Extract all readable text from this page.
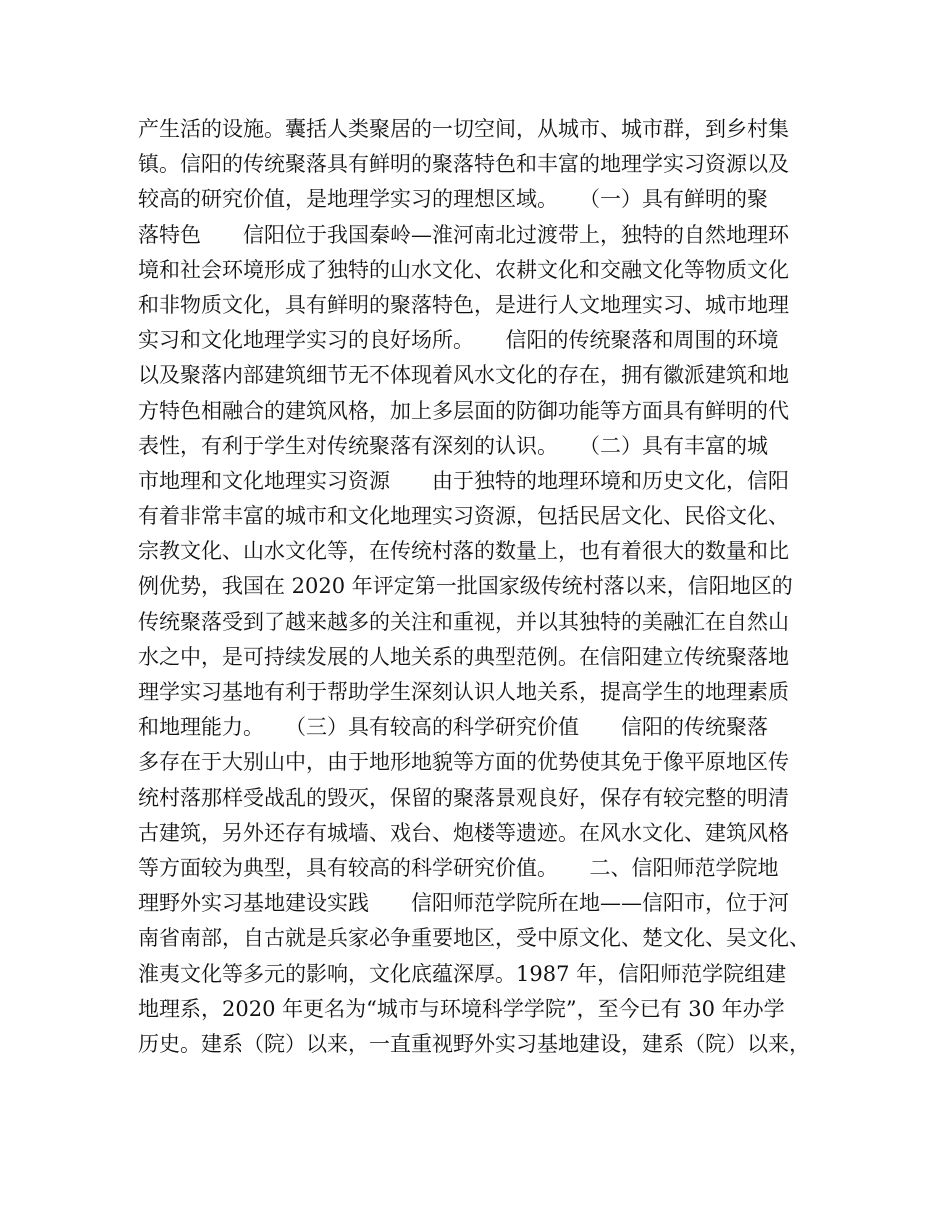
产生活的设施。囊括人类聚居的一切空间，从城市、城市群，到乡村集
镇。信阳的传统聚落具有鲜明的聚落特色和丰富的地理学实习资源以及
较高的研究价值，是地理学实习的理想区域。　　（一）具有鲜明的聚
落特色　　信阳位于我国秦岭—淮河南北过渡带上，独特的自然地理环
境和社会环境形成了独特的山水文化、农耕文化和交融文化等物质文化
和非物质文化，具有鲜明的聚落特色，是进行人文地理实习、城市地理
实习和文化地理学实习的良好场所。　　信阳的传统聚落和周围的环境
以及聚落内部建筑细节无不体现着风水文化的存在，拥有徽派建筑和地
方特色相融合的建筑风格，加上多层面的防御功能等方面具有鲜明的代
表性，有利于学生对传统聚落有深刻的认识。　　（二）具有丰富的城
市地理和文化地理实习资源　　由于独特的地理环境和历史文化，信阳
有着非常丰富的城市和文化地理实习资源，包括民居文化、民俗文化、
宗教文化、山水文化等，在传统村落的数量上，也有着很大的数量和比
例优势，我国在 2020 年评定第一批国家级传统村落以来，信阳地区的
传统聚落受到了越来越多的关注和重视，并以其独特的美融汇在自然山
水之中，是可持续发展的人地关系的典型范例。在信阳建立传统聚落地
理学实习基地有利于帮助学生深刻认识人地关系，提高学生的地理素质
和地理能力。　　（三）具有较高的科学研究价值　　信阳的传统聚落
多存在于大别山中，由于地形地貌等方面的优势使其免于像平原地区传
统村落那样受战乱的毁灭，保留的聚落景观良好，保存有较完整的明清
古建筑，另外还存有城墙、戏台、炮楼等遗迹。在风水文化、建筑风格
等方面较为典型，具有较高的科学研究价值。　　二、信阳师范学院地
理野外实习基地建设实践　　信阳师范学院所在地——信阳市，位于河
南省南部，自古就是兵家必争重要地区，受中原文化、楚文化、吴文化、
淮夷文化等多元的影响，文化底蕴深厚。1987 年，信阳师范学院组建
地理系，2020 年更名为“城市与环境科学学院”，至今已有 30 年办学
历史。建系（院）以来，一直重视野外实习基地建设，建系（院）以来，
